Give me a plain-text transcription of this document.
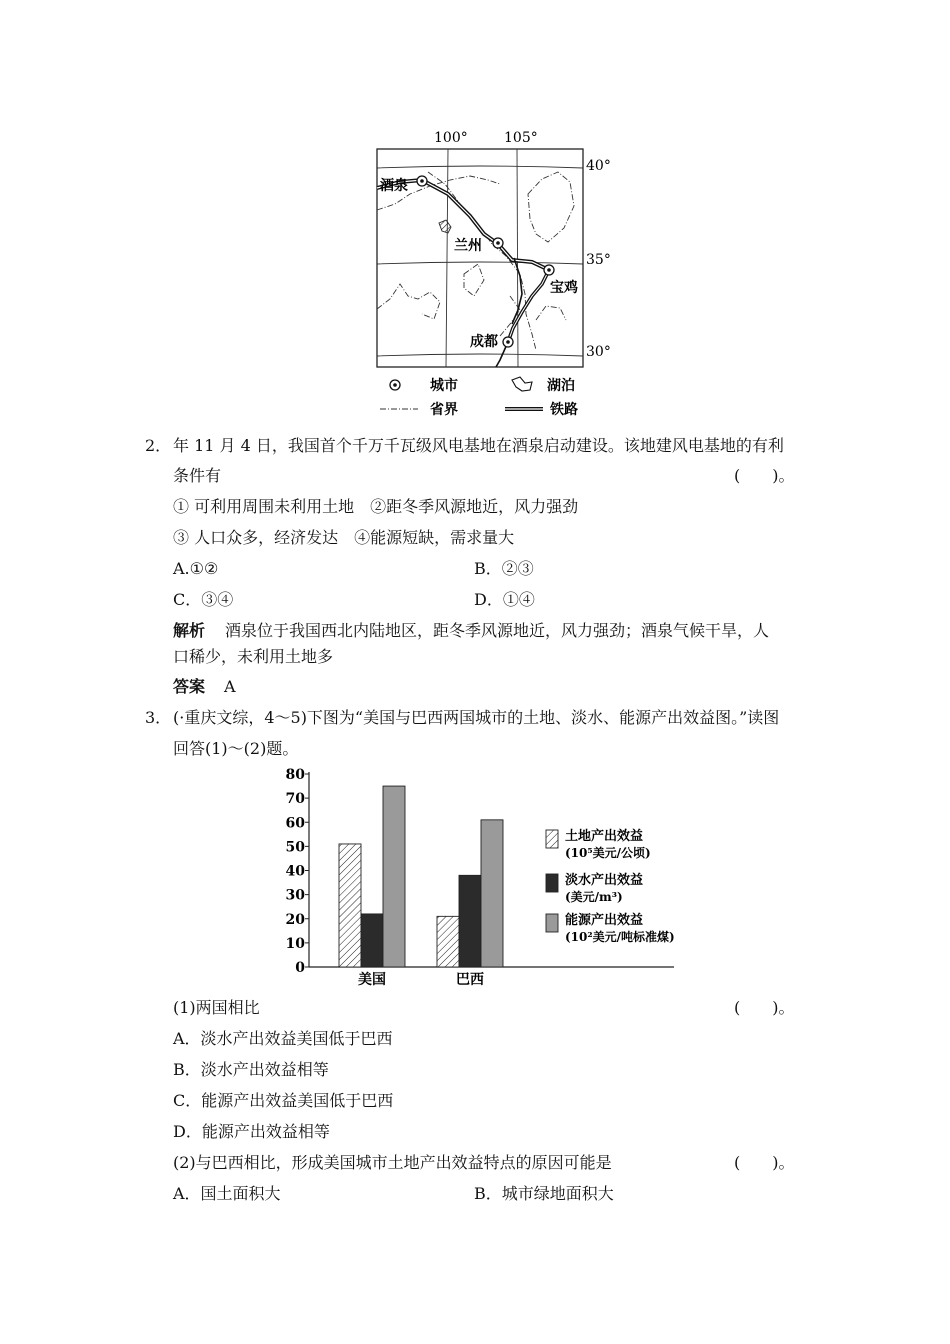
100°	105°
40°
35°
30°
酒泉
兰州
宝鸡
成都
城市	湖泊
省界	铁路
2． 年 11 月 4 日，我国首个千万千瓦级风电基地在酒泉启动建设。该地建风电基地的有利
条件有	(　　)。
① 可利用周围未利用土地　②距冬季风源地近，风力强劲
③ 人口众多，经济发达　④能源短缺，需求量大
A.①②	B．②③
C．③④	D．①④
解析 酒泉位于我国西北内陆地区，距冬季风源地近，风力强劲；酒泉气候干旱，人
口稀少，未利用土地多
答案 A
3． (·重庆文综，4～5)下图为“美国与巴西两国城市的土地、淡水、能源产出效益图。”读图
回答(1)～(2)题。
0
10
20
30
40
50
60
70
80
美国	巴西
土地产出效益
(10⁵美元/公顷)
淡水产出效益
(美元/m³)
能源产出效益
(10²美元/吨标准煤)
(1)两国相比	(　　)。
A．淡水产出效益美国低于巴西
B．淡水产出效益相等
C．能源产出效益美国低于巴西
D．能源产出效益相等
(2)与巴西相比，形成美国城市土地产出效益特点的原因可能是	(　　)。
A．国土面积大	B．城市绿地面积大
